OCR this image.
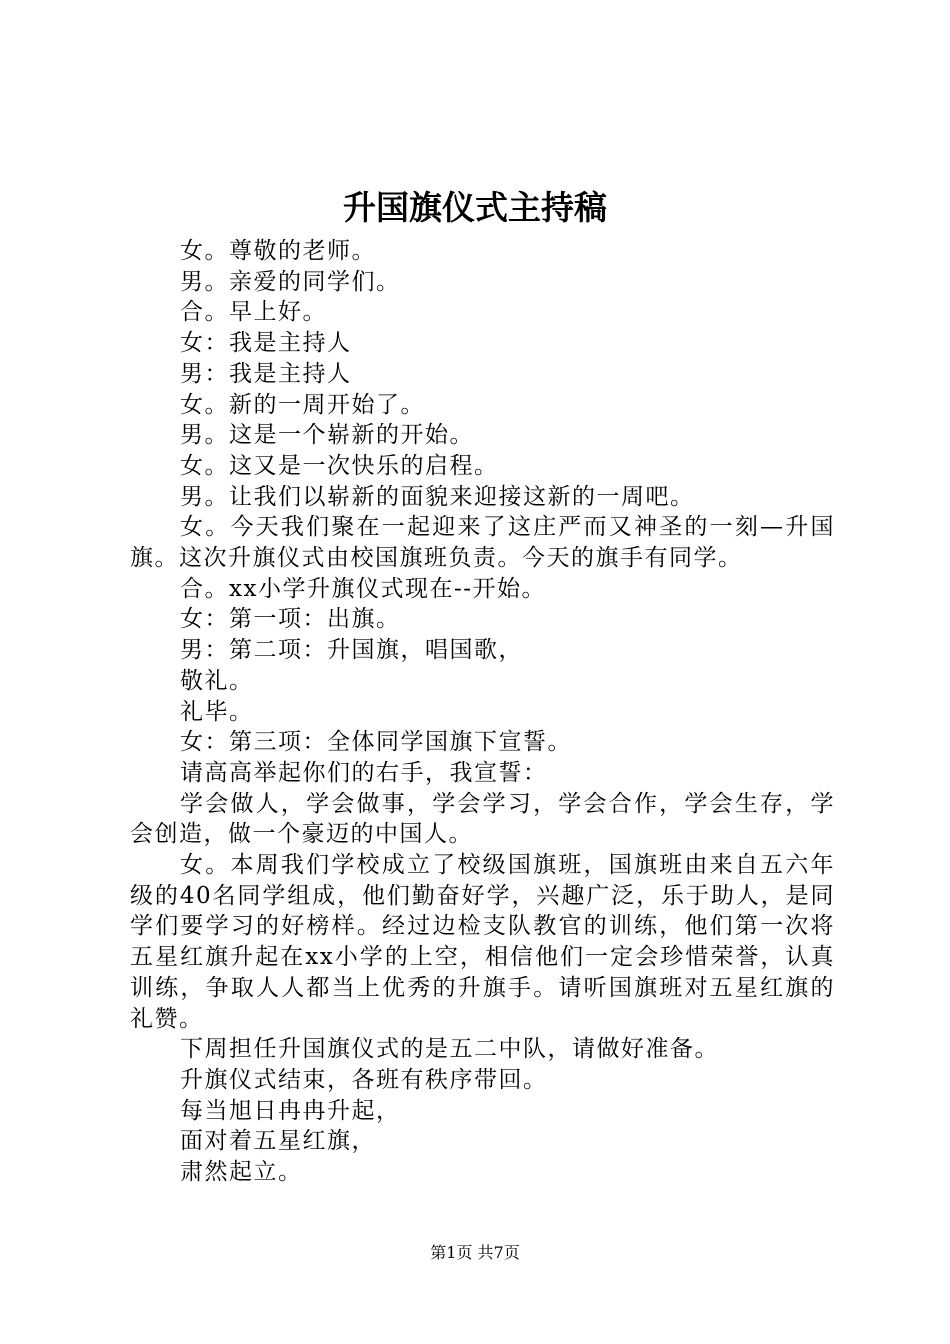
升国旗仪式主持稿

女。尊敬的老师。

男。亲爱的同学们。

合。早上好。

女：我是主持人

男：我是主持人

女。新的一周开始了。

男。这是一个崭新的开始。

女。这又是一次快乐的启程。

男。让我们以崭新的面貌来迎接这新的一周吧。

女。今天我们聚在一起迎来了这庄严而又神圣的一刻—升国旗。这次升旗仪式由校国旗班负责。今天的旗手有同学。

合。xx小学升旗仪式现在--开始。

女：第一项：出旗。

男：第二项：升国旗，唱国歌，

敬礼。

礼毕。

女：第三项：全体同学国旗下宣誓。

请高高举起你们的右手，我宣誓：

学会做人，学会做事，学会学习，学会合作，学会生存，学会创造，做一个豪迈的中国人。

女。本周我们学校成立了校级国旗班，国旗班由来自五六年级的40名同学组成，他们勤奋好学，兴趣广泛，乐于助人，是同学们要学习的好榜样。经过边检支队教官的训练，他们第一次将五星红旗升起在xx小学的上空，相信他们一定会珍惜荣誉，认真训练，争取人人都当上优秀的升旗手。请听国旗班对五星红旗的礼赞。

下周担任升国旗仪式的是五二中队，请做好准备。

升旗仪式结束，各班有秩序带回。

每当旭日冉冉升起，

面对着五星红旗，

肃然起立。

第1页 共7页
